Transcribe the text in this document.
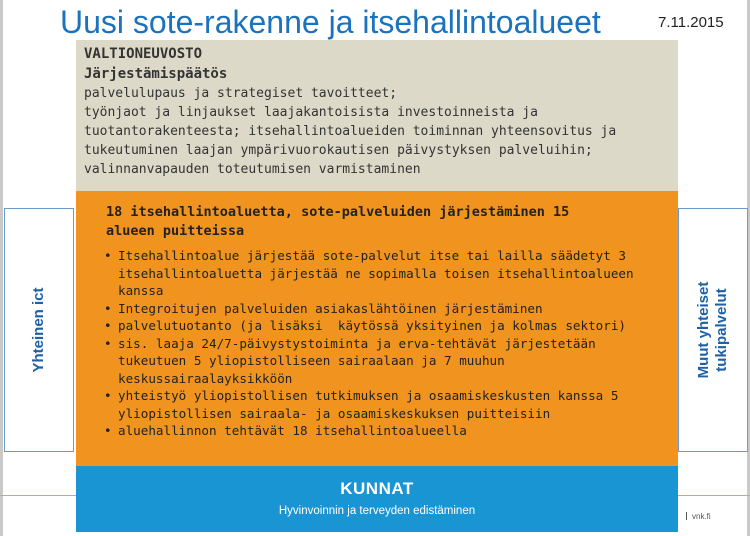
Uusi sote-rakenne ja itsehallintoalueet	7.11.2015
VALTIONEUVOSTO
Järjestämispäätös
palvelulupaus ja strategiset tavoitteet;
työnjaot ja linjaukset laajakantoisista investoinneista ja
tuotantorakenteesta; itsehallintoalueiden toiminnan yhteensovitus ja
tukeutuminen laajan ympärivuorokautisen päivystyksen palveluihin;
valinnanvapauden toteutumisen varmistaminen
Yhteinen ict	Muut yhteiset tukipalvelut
18 itsehallintoaluetta, sote-palveluiden järjestäminen 15
alueen puitteissa
• Itsehallintoalue järjestää sote-palvelut itse tai lailla säädetyt 3
itsehallintoaluetta järjestää ne sopimalla toisen itsehallintoalueen
kanssa
• Integroitujen palveluiden asiakaslähtöinen järjestäminen
• palvelutuotanto (ja lisäksi  käytössä yksityinen ja kolmas sektori)
• sis. laaja 24/7-päivystystoiminta ja erva-tehtävät järjestetään
tukeutuen 5 yliopistolliseen sairaalaan ja 7 muuhun
keskussairaalayksikköön
• yhteistyö yliopistollisen tutkimuksen ja osaamiskeskusten kanssa 5
yliopistollisen sairaala- ja osaamiskeskuksen puitteisiin
• aluehallinnon tehtävät 18 itsehallintoalueella
KUNNAT
Hyvinvoinnin ja terveyden edistäminen	vnk.fi
